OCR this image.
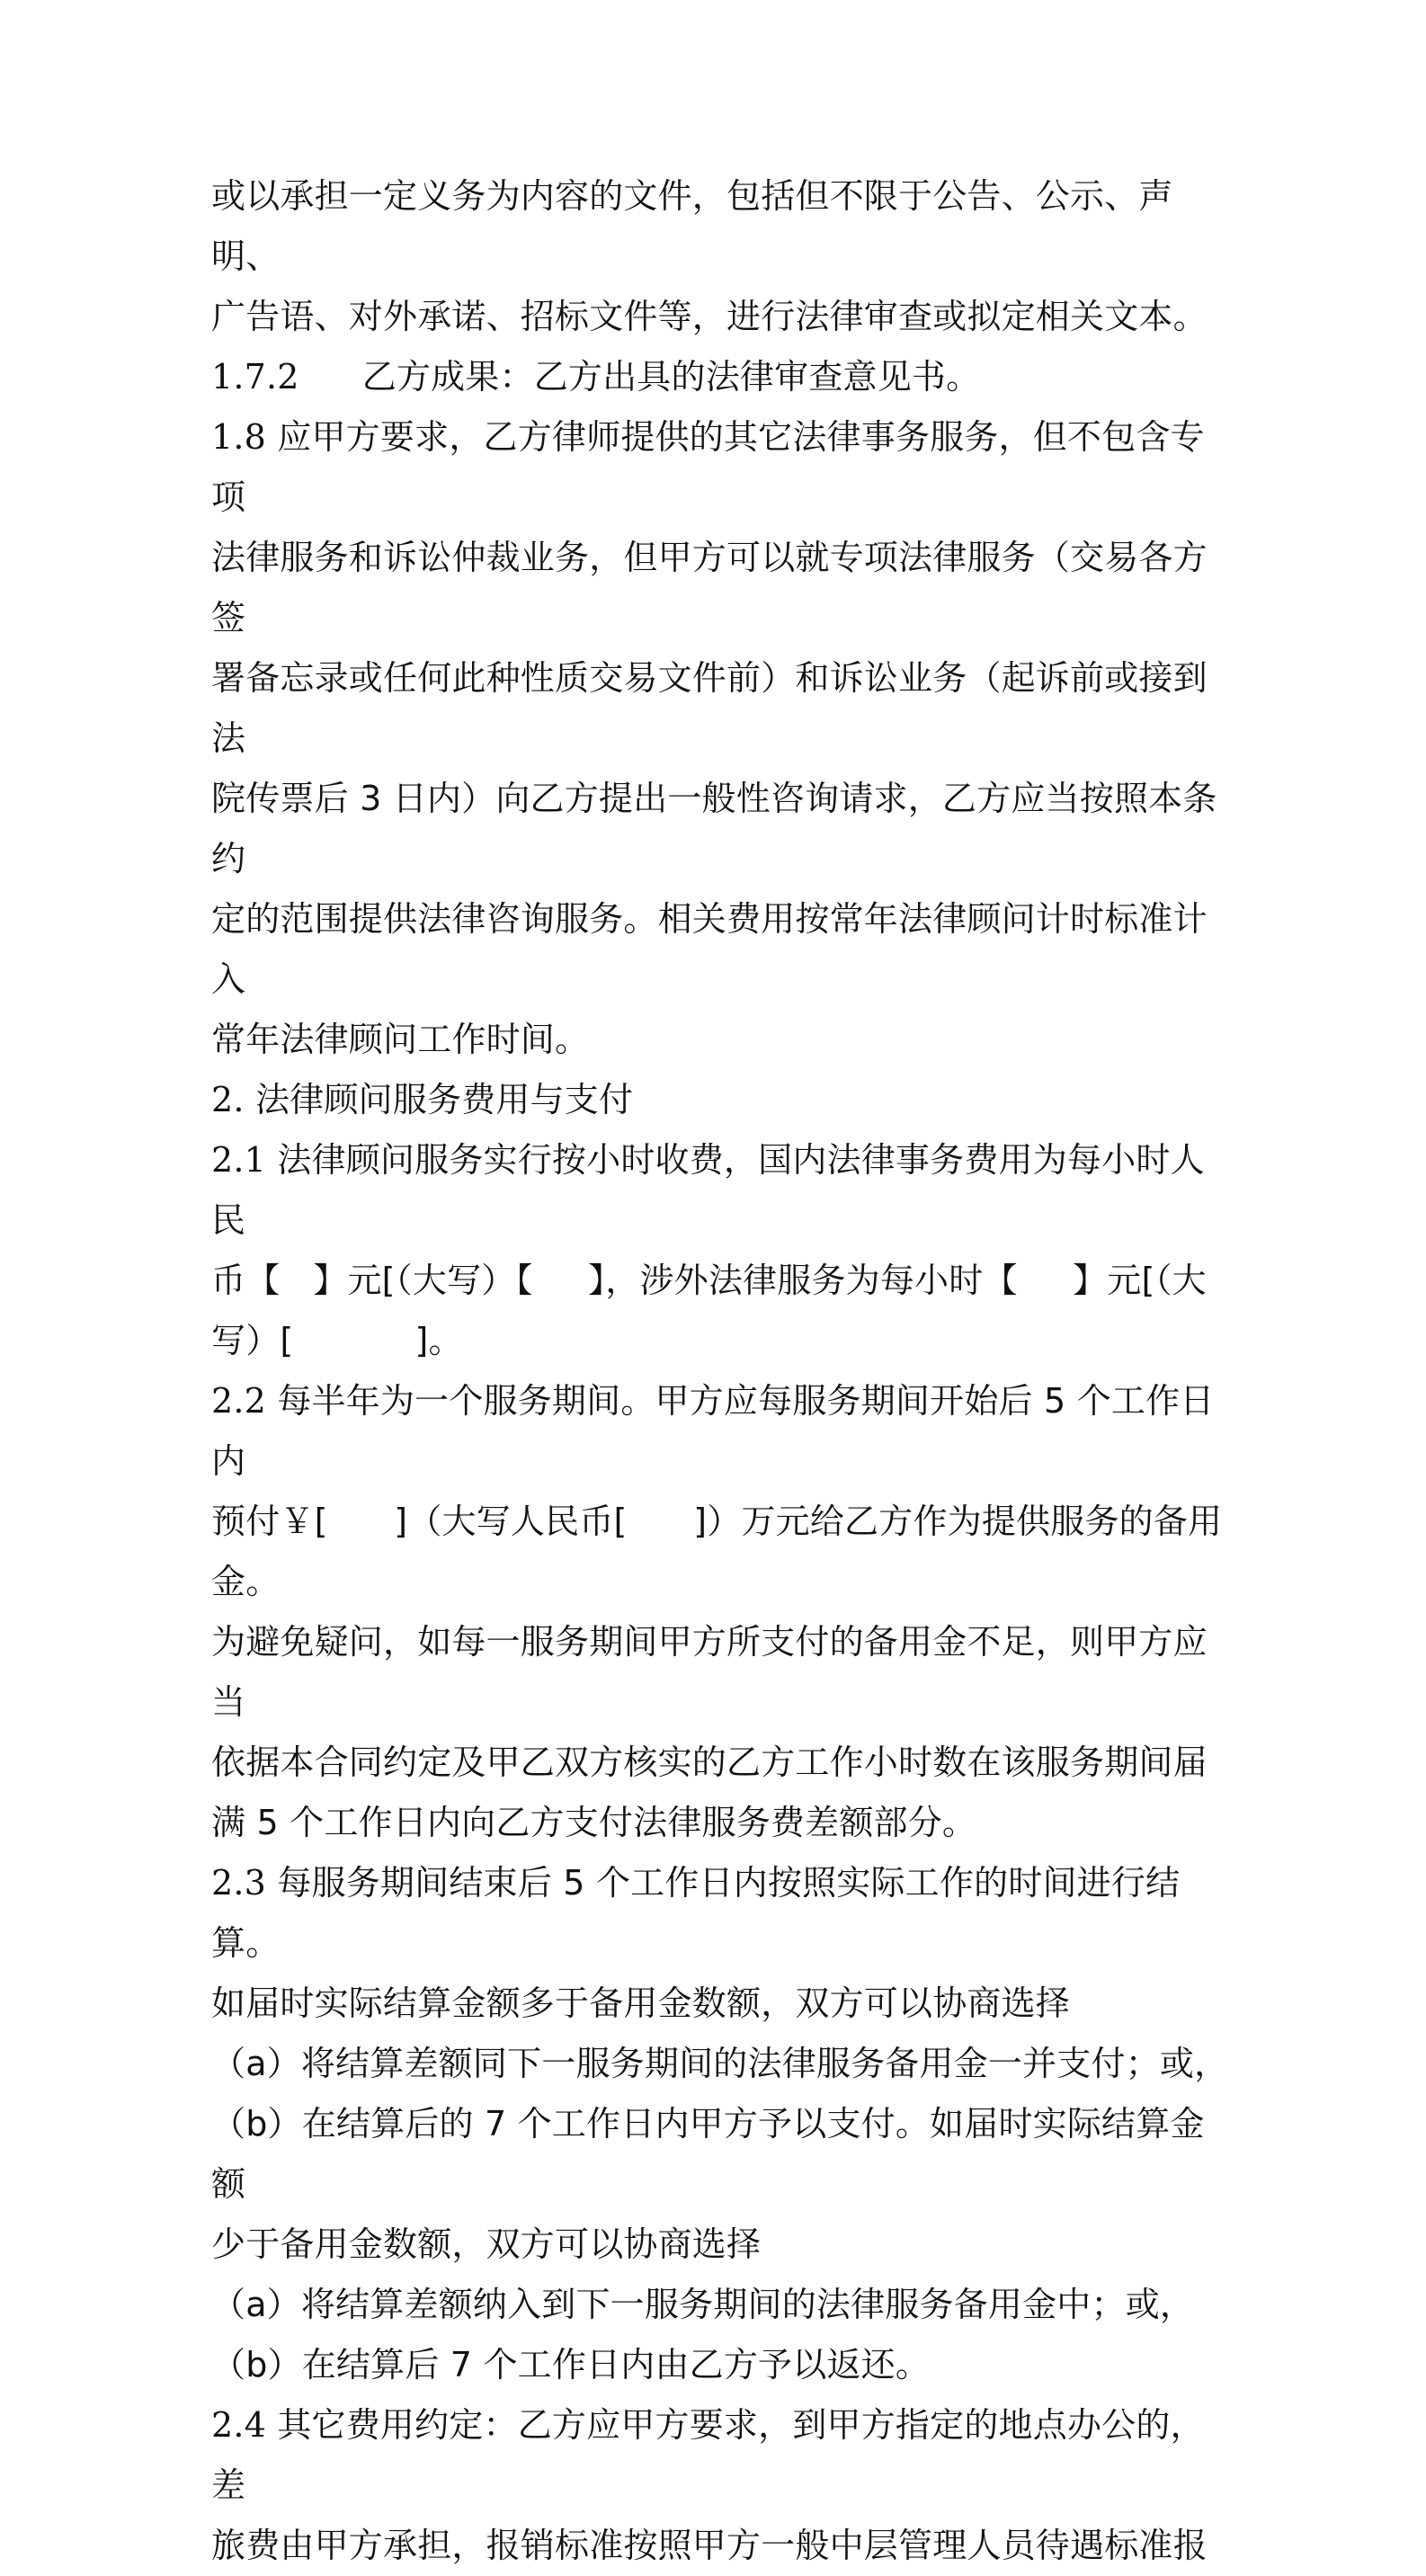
或以承担一定义务为内容的文件，包括但不限于公告、公示、声明、

广告语、对外承诺、招标文件等，进行法律审查或拟定相关文本。

1.7.2 乙方成果：乙方出具的法律审查意见书。

1.8 应甲方要求，乙方律师提供的其它法律事务服务，但不包含专项

法律服务和诉讼仲裁业务，但甲方可以就专项法律服务（交易各方签

署备忘录或任何此种性质交易文件前）和诉讼业务（起诉前或接到法

院传票后 3 日内）向乙方提出一般性咨询请求，乙方应当按照本条约

定的范围提供法律咨询服务。相关费用按常年法律顾问计时标准计入

常年法律顾问工作时间。

2. 法律顾问服务费用与支付

2.1 法律顾问服务实行按小时收费，国内法律事务费用为每小时人民

币【   】元[（大写）【     】，涉外法律服务为每小时【     】元[（大

写）[           ]。

2.2 每半年为一个服务期间。甲方应每服务期间开始后 5 个工作日内

预付￥[      ]（大写人民币[      ]）万元给乙方作为提供服务的备用金。

为避免疑问，如每一服务期间甲方所支付的备用金不足，则甲方应当

依据本合同约定及甲乙双方核实的乙方工作小时数在该服务期间届

满 5 个工作日内向乙方支付法律服务费差额部分。

2.3 每服务期间结束后 5 个工作日内按照实际工作的时间进行结算。

如届时实际结算金额多于备用金数额，双方可以协商选择

（a）将结算差额同下一服务期间的法律服务备用金一并支付；或，

（b）在结算后的 7 个工作日内甲方予以支付。如届时实际结算金额

少于备用金数额，双方可以协商选择

（a）将结算差额纳入到下一服务期间的法律服务备用金中；或，

（b）在结算后 7 个工作日内由乙方予以返还。

2.4 其它费用约定：乙方应甲方要求，到甲方指定的地点办公的，差

旅费由甲方承担，报销标准按照甲方一般中层管理人员待遇标准报
